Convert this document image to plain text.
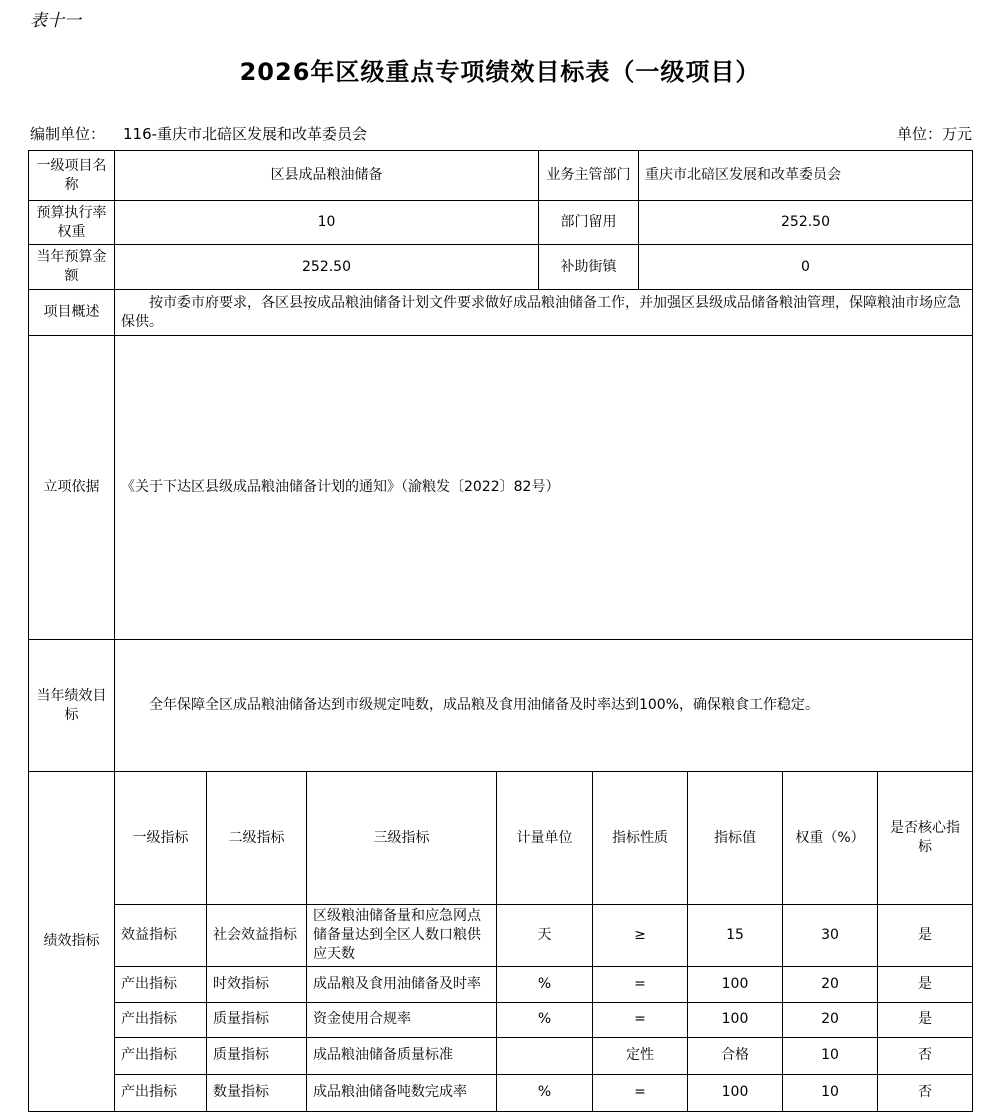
表十一
2026年区级重点专项绩效目标表（一级项目）
编制单位： 116-重庆市北碚区发展和改革委员会	单位：万元
一级项目名称	区县成品粮油储备	业务主管部门	重庆市北碚区发展和改革委员会
预算执行率权重	10	部门留用	252.50
当年预算金额	252.50	补助街镇	0
项目概述	按市委市府要求，各区县按成品粮油储备计划文件要求做好成品粮油储备工作，并加强区县级成品储备粮油管理，保障粮油市场应急保供。		
立项依据	《关于下达区县级成品粮油储备计划的通知》（渝粮发〔2022〕82号）		
当年绩效目标	全年保障全区成品粮油储备达到市级规定吨数，成品粮及食用油储备及时率达到100%，确保粮食工作稳定。		
绩效指标	一级指标	二级指标	三级指标	计量单位	指标性质	指标值	权重（%）	是否核心指标
	效益指标	社会效益指标	区级粮油储备量和应急网点储备量达到全区人数口粮供应天数	天	≥	15	30	是
	产出指标	时效指标	成品粮及食用油储备及时率	%	=	100	20	是
	产出指标	质量指标	资金使用合规率	%	=	100	20	是
	产出指标	质量指标	成品粮油储备质量标准		定性	合格	10	否
	产出指标	数量指标	成品粮油储备吨数完成率	%	=	100	10	否
